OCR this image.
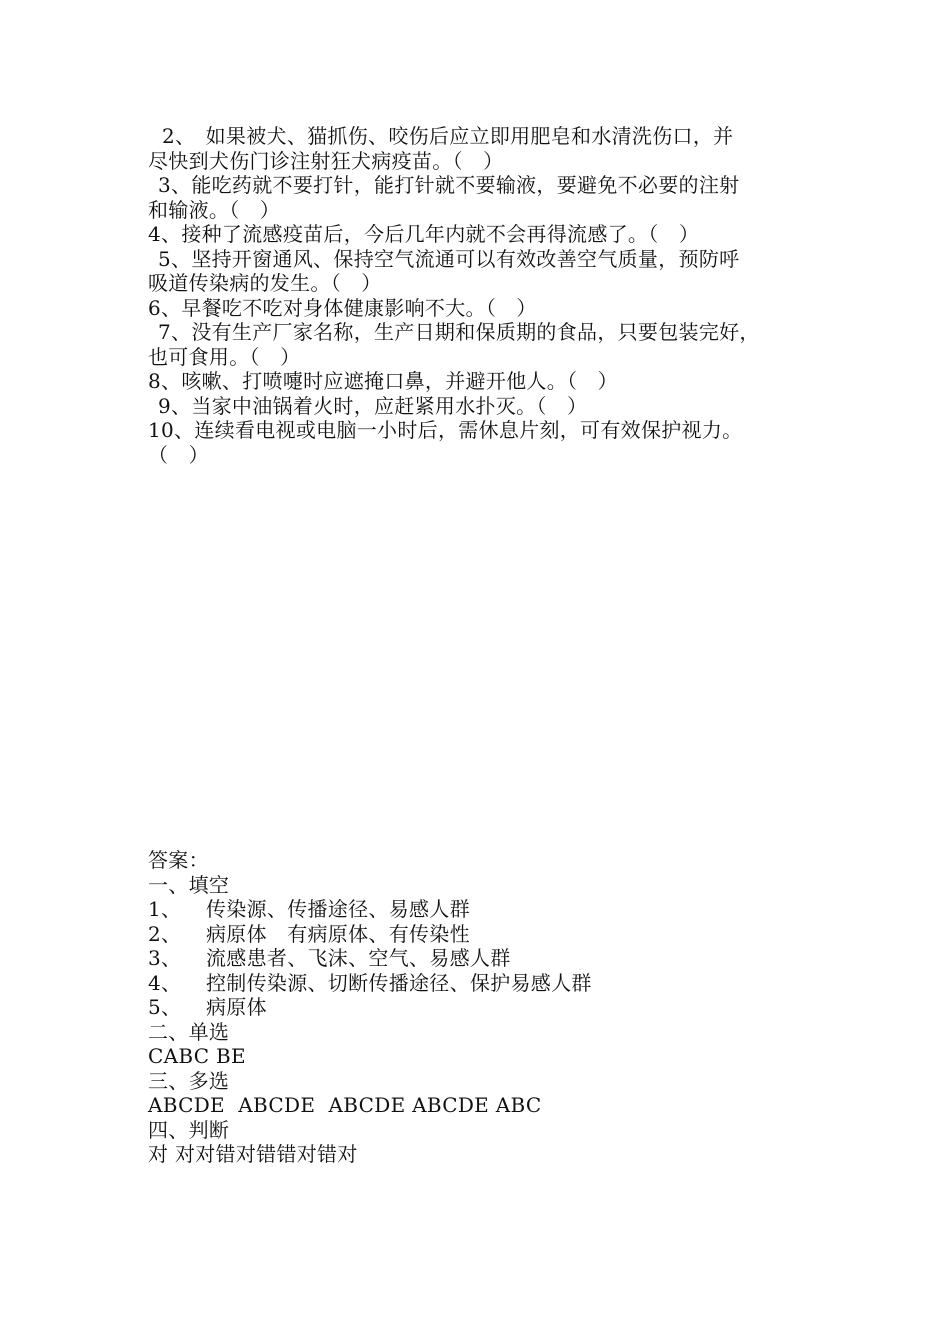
2、　如果被犬、猫抓伤、咬伤后应立即用肥皂和水清洗伤口，并
尽快到犬伤门诊注射狂犬病疫苗。（　）
3、能吃药就不要打针，能打针就不要输液，要避免不必要的注射
和输液。（　）
4、接种了流感疫苗后，今后几年内就不会再得流感了。（　）
5、坚持开窗通风、保持空气流通可以有效改善空气质量，预防呼
吸道传染病的发生。（　）
6、早餐吃不吃对身体健康影响不大。（　）
7、没有生产厂家名称，生产日期和保质期的食品，只要包装完好，
也可食用。（　）
8、咳嗽、打喷嚏时应遮掩口鼻，并避开他人。（　）
9、当家中油锅着火时，应赶紧用水扑灭。（　）
10、连续看电视或电脑一小时后，需休息片刻，可有效保护视力。
（　）
答案：
一、填空
1、 传染源、传播途径、易感人群
2、 病原体　有病原体、有传染性
3、 流感患者、飞沫、空气、易感人群
4、 控制传染源、切断传播途径、保护易感人群
5、 病原体
二、单选
CABC BE
三、多选
ABCDE  ABCDE  ABCDE ABCDE ABC
四、判断
对 对对错对错错对错对
